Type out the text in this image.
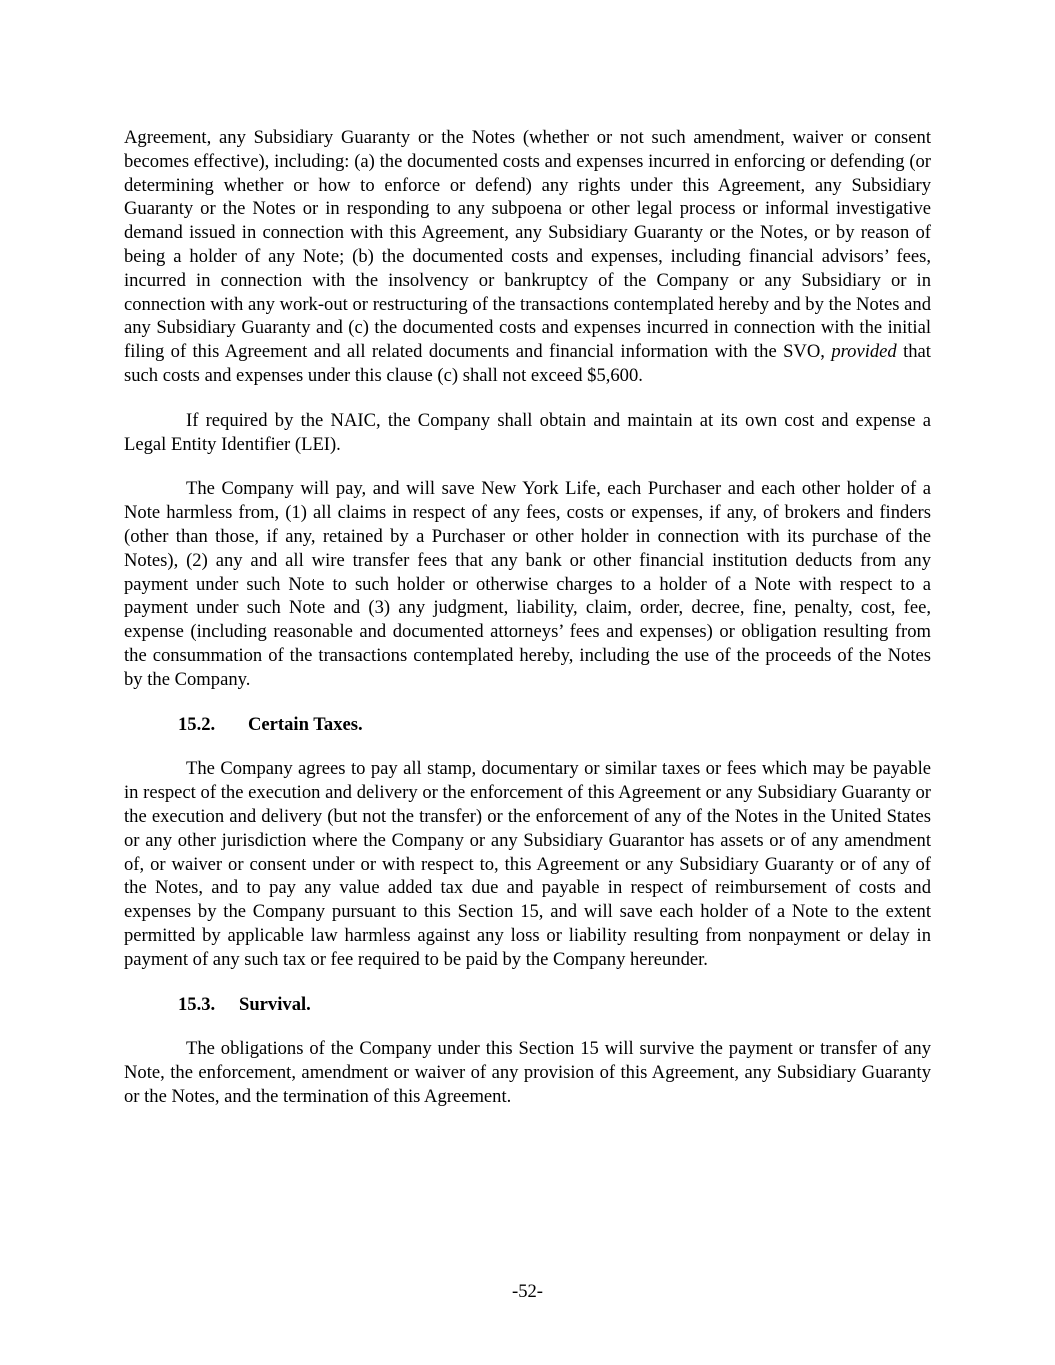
Agreement, any Subsidiary Guaranty or the Notes (whether or not such amendment, waiver or consent becomes effective), including: (a) the documented costs and expenses incurred in enforcing or defending (or determining whether or how to enforce or defend) any rights under this Agreement, any Subsidiary Guaranty or the Notes or in responding to any subpoena or other legal process or informal investigative demand issued in connection with this Agreement, any Subsidiary Guaranty or the Notes, or by reason of being a holder of any Note; (b) the documented costs and expenses, including financial advisors’ fees, incurred in connection with the insolvency or bankruptcy of the Company or any Subsidiary or in connection with any work-out or restructuring of the transactions contemplated hereby and by the Notes and any Subsidiary Guaranty and (c) the documented costs and expenses incurred in connection with the initial filing of this Agreement and all related documents and financial information with the SVO, provided that such costs and expenses under this clause (c) shall not exceed $5,600.

If required by the NAIC, the Company shall obtain and maintain at its own cost and expense a Legal Entity Identifier (LEI).

The Company will pay, and will save New York Life, each Purchaser and each other holder of a Note harmless from, (1) all claims in respect of any fees, costs or expenses, if any, of brokers and finders (other than those, if any, retained by a Purchaser or other holder in connection with its purchase of the Notes), (2) any and all wire transfer fees that any bank or other financial institution deducts from any payment under such Note to such holder or otherwise charges to a holder of a Note with respect to a payment under such Note and (3) any judgment, liability, claim, order, decree, fine, penalty, cost, fee, expense (including reasonable and documented attorneys’ fees and expenses) or obligation resulting from the consummation of the transactions contemplated hereby, including the use of the proceeds of the Notes by the Company.

15.2.	Certain Taxes.

The Company agrees to pay all stamp, documentary or similar taxes or fees which may be payable in respect of the execution and delivery or the enforcement of this Agreement or any Subsidiary Guaranty or the execution and delivery (but not the transfer) or the enforcement of any of the Notes in the United States or any other jurisdiction where the Company or any Subsidiary Guarantor has assets or of any amendment of, or waiver or consent under or with respect to, this Agreement or any Subsidiary Guaranty or of any of the Notes, and to pay any value added tax due and payable in respect of reimbursement of costs and expenses by the Company pursuant to this Section 15, and will save each holder of a Note to the extent permitted by applicable law harmless against any loss or liability resulting from nonpayment or delay in payment of any such tax or fee required to be paid by the Company hereunder.

15.3.	Survival.

The obligations of the Company under this Section 15 will survive the payment or transfer of any Note, the enforcement, amendment or waiver of any provision of this Agreement, any Subsidiary Guaranty or the Notes, and the termination of this Agreement.

-52-
